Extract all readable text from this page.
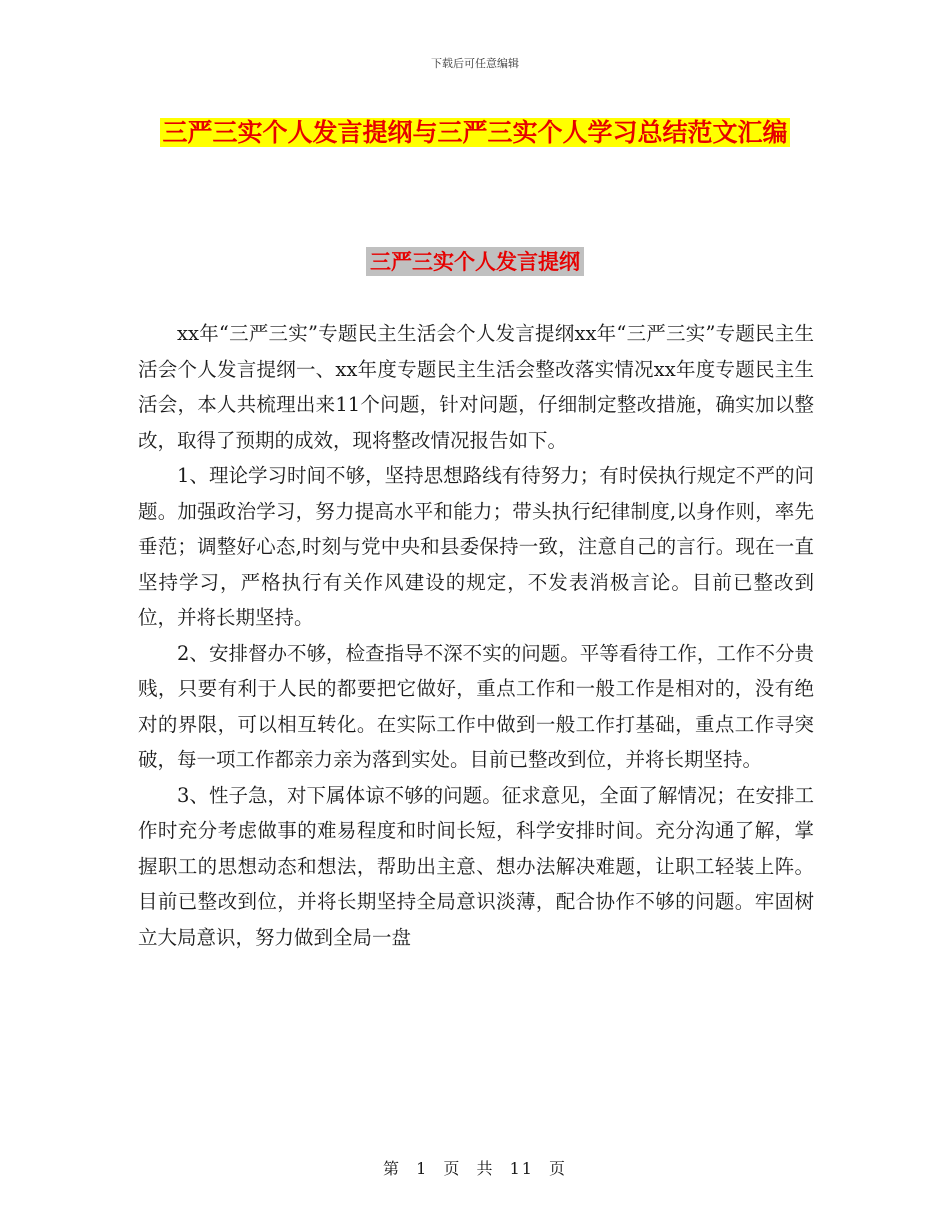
下载后可任意编辑
三严三实个人发言提纲与三严三实个人学习总结范文汇编
三严三实个人发言提纲

xx年“三严三实”专题民主生活会个人发言提纲xx年“三严三实”专题民主生活会个人发言提纲一、xx年度专题民主生活会整改落实情况xx年度专题民主生活会，本人共梳理出来11个问题，针对问题，仔细制定整改措施，确实加以整改，取得了预期的成效，现将整改情况报告如下。

1、理论学习时间不够，坚持思想路线有待努力；有时侯执行规定不严的问题。加强政治学习，努力提高水平和能力；带头执行纪律制度,以身作则，率先垂范；调整好心态,时刻与党中央和县委保持一致，注意自己的言行。现在一直坚持学习，严格执行有关作风建设的规定，不发表消极言论。目前已整改到位，并将长期坚持。

2、安排督办不够，检查指导不深不实的问题。平等看待工作，工作不分贵贱，只要有利于人民的都要把它做好，重点工作和一般工作是相对的，没有绝对的界限，可以相互转化。在实际工作中做到一般工作打基础，重点工作寻突破，每一项工作都亲力亲为落到实处。目前已整改到位，并将长期坚持。

3、性子急，对下属体谅不够的问题。征求意见，全面了解情况；在安排工作时充分考虑做事的难易程度和时间长短，科学安排时间。充分沟通了解，掌握职工的思想动态和想法，帮助出主意、想办法解决难题，让职工轻装上阵。目前已整改到位，并将长期坚持全局意识淡薄，配合协作不够的问题。牢固树立大局意识，努力做到全局一盘

第 1 页 共 11 页
